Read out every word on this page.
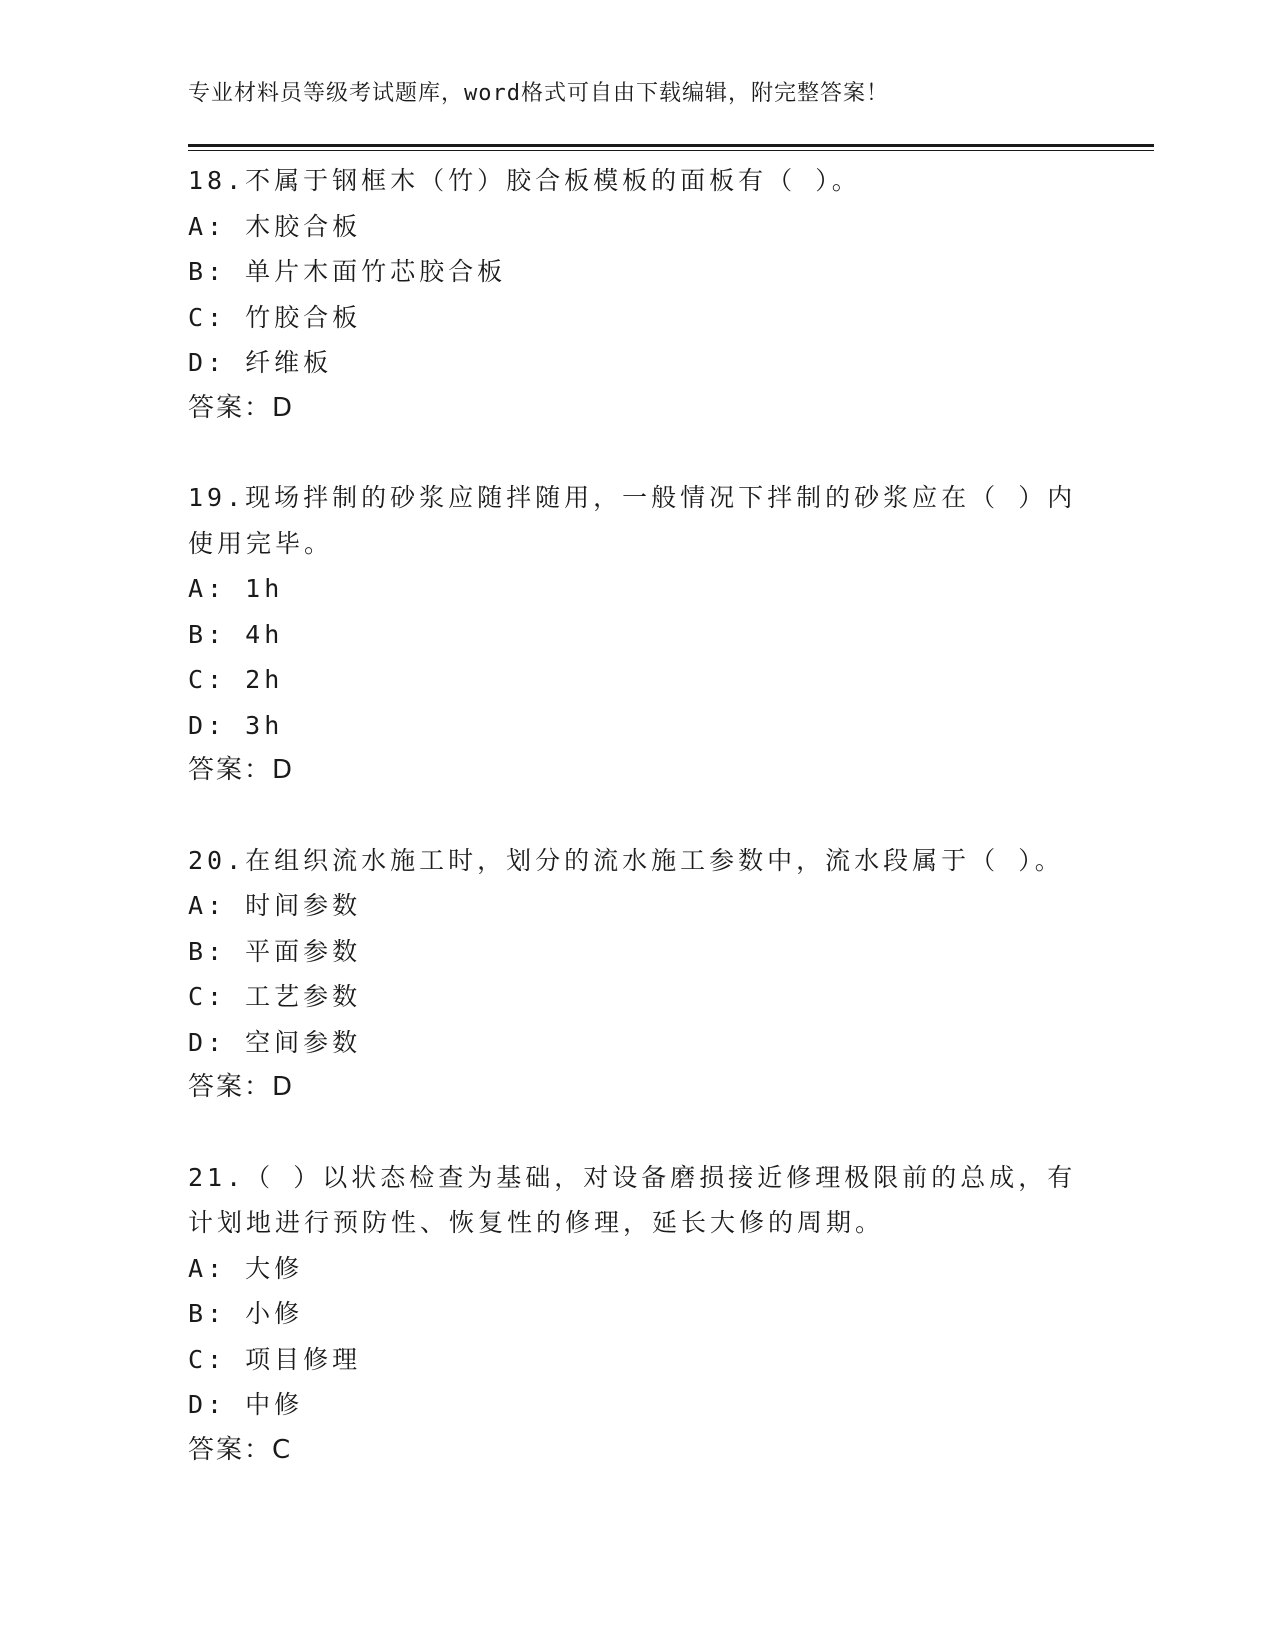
专业材料员等级考试题库，word格式可自由下载编辑，附完整答案！
18.不属于钢框木（竹）胶合板模板的面板有（ ）。
A: 木胶合板
B: 单片木面竹芯胶合板
C: 竹胶合板
D: 纤维板
答案：D
19.现场拌制的砂浆应随拌随用，一般情况下拌制的砂浆应在（ ）内
使用完毕。
A: 1h
B: 4h
C: 2h
D: 3h
答案：D
20.在组织流水施工时，划分的流水施工参数中，流水段属于（ ）。
A: 时间参数
B: 平面参数
C: 工艺参数
D: 空间参数
答案：D
21.（ ）以状态检查为基础，对设备磨损接近修理极限前的总成，有
计划地进行预防性、恢复性的修理，延长大修的周期。
A: 大修
B: 小修
C: 项目修理
D: 中修
答案：C
